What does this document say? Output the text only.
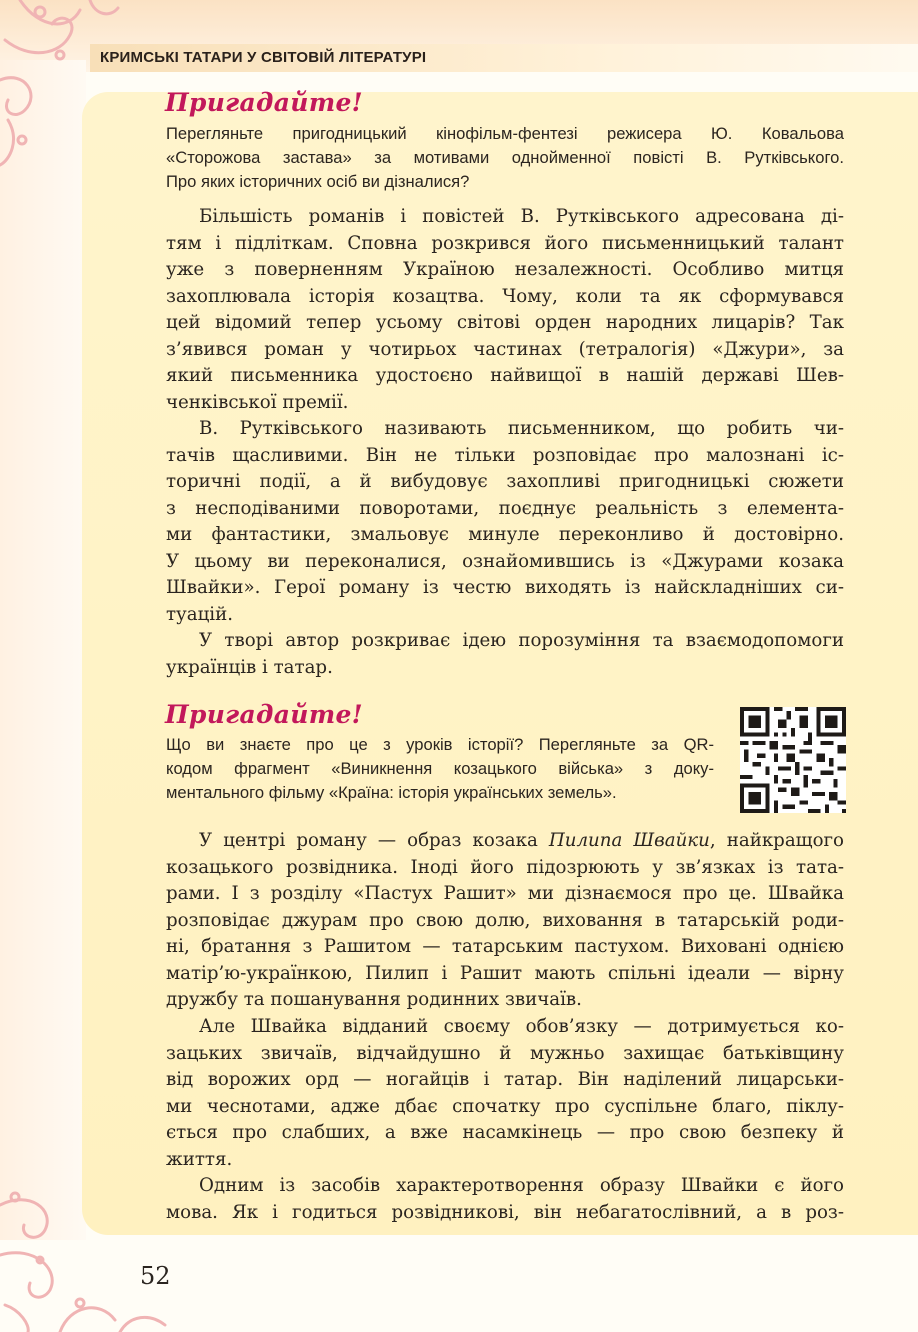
КРИМСЬКІ ТАТАРИ У СВІТОВІЙ ЛІТЕРАТУРІ
Пригадайте!
Перегляньте пригодницький кінофільм-фентезі режисера Ю. Ковальова
«Сторожова застава» за мотивами однойменної повісті В. Рутківського.
Про яких історичних осіб ви дізналися?
Більшість романів і повістей В. Рутківського адресована ді-
тям і підліткам. Сповна розкрився його письменницький талант
уже з поверненням Україною незалежності. Особливо митця
захоплювала історія козацтва. Чому, коли та як сформувався
цей відомий тепер усьому світові орден народних лицарів? Так
з’явився роман у чотирьох частинах (тетралогія) «Джури», за
який письменника удостоєно найвищої в нашій державі Шев-
ченківської премії.
В. Рутківського називають письменником, що робить чи-
тачів щасливими. Він не тільки розповідає про малознані іс-
торичні події, а й вибудовує захопливі пригодницькі сюжети
з несподіваними поворотами, поєднує реальність з елемента-
ми фантастики, змальовує минуле переконливо й достовірно.
У цьому ви переконалися, ознайомившись із «Джурами козака
Швайки». Герої роману із честю виходять із найскладніших си-
туацій.
У творі автор розкриває ідею порозуміння та взаємодопомоги
українців і татар.
Пригадайте!
Що ви знаєте про це з уроків історії? Перегляньте за QR-
кодом фрагмент «Виникнення козацького війська» з доку-
ментального фільму «Країна: історія українських земель».
У центрі роману — образ козака Пилипа Швайки, найкращого
козацького розвідника. Іноді його підозрюють у зв’язках із тата-
рами. І з розділу «Пастух Рашит» ми дізнаємося про це. Швайка
розповідає джурам про свою долю, виховання в татарській роди-
ні, братання з Рашитом — татарським пастухом. Виховані однією
матір’ю-українкою, Пилип і Рашит мають спільні ідеали — вірну
дружбу та пошанування родинних звичаїв.
Але Швайка відданий своєму обов’язку — дотримується ко-
зацьких звичаїв, відчайдушно й мужньо захищає батьківщину
від ворожих орд — ногайців і татар. Він наділений лицарськи-
ми чеснотами, адже дбає спочатку про суспільне благо, піклу-
ється про слабших, а вже насамкінець — про свою безпеку й
життя.
Одним із засобів характеротворення образу Швайки є його
мова. Як і годиться розвідникові, він небагатослівний, а в роз-
52
